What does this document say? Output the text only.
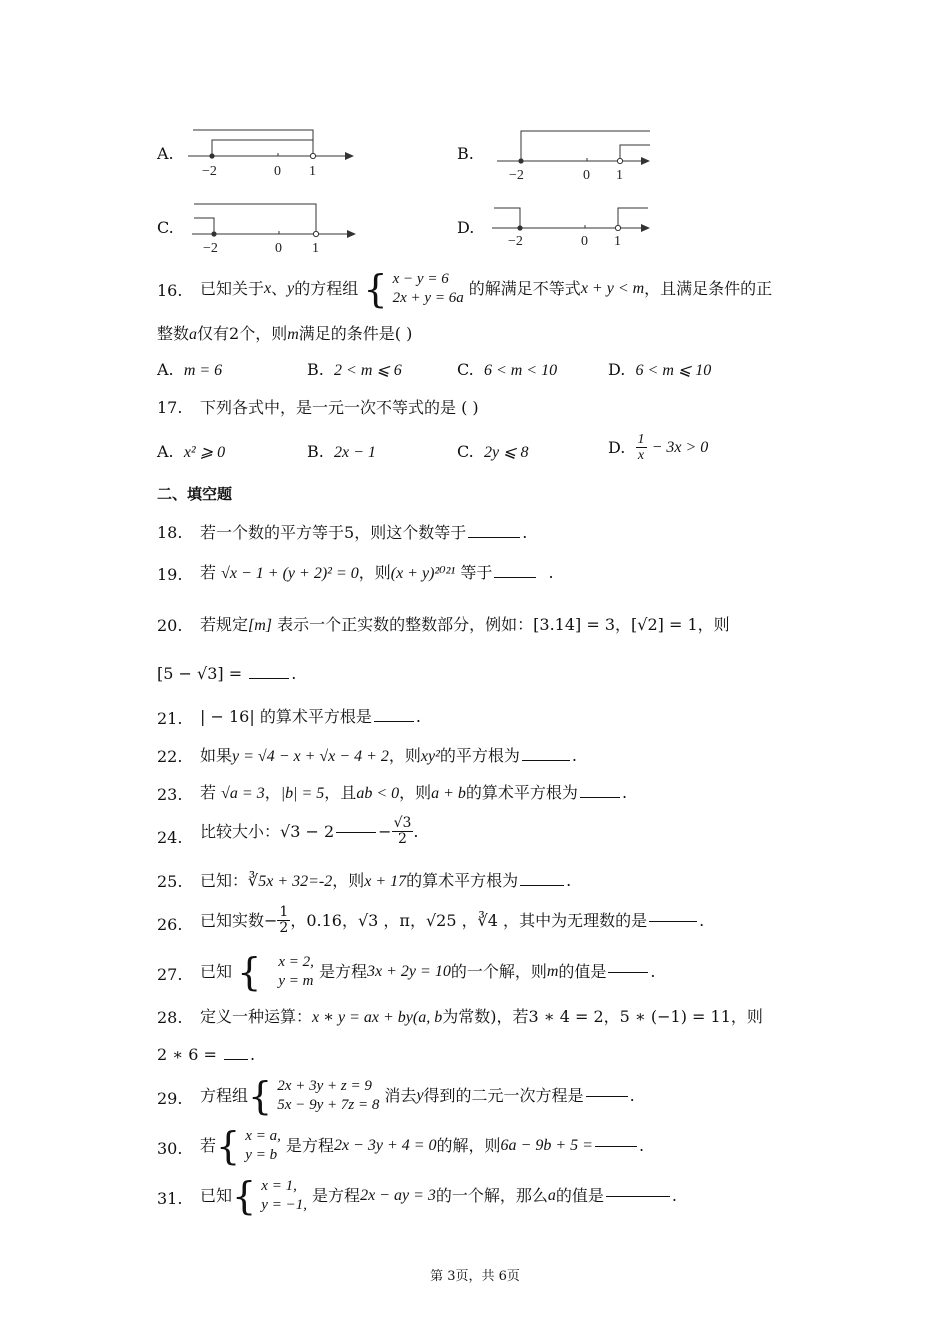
A.
−2	0 1
B.
−2	0 1
C.
−2	0 1
D.
−2	0 1
16. 已知关于x、y的方程组 { x − y = 6
2x + y = 6a 的解满足不等式x + y < m，且满足条件的正
整数a仅有2个，则m满足的条件是( )
A. m = 6	B. 2 < m ⩽ 6	C. 6 < m < 10	D. 6 < m ⩽ 10
17. 下列各式中，是一元一次不等式的是 ( )
A. x² ⩾ 0	B. 2x − 1	C. 2y ⩽ 8	D. $\frac{1}{x} - 3x > 0$
二、填空题
18. 若一个数的平方等于5，则这个数等于	.
19. 若 √x − 1 + (y + 2)² = 0，则(x + y)²⁰²¹ 等于	.
20. 若规定[m] 表示一个正实数的整数部分，例如：[3.14] = 3，[√2] = 1，则
[5 − √3] =	.
21. | − 16| 的算术平方根是	.
22. 如果y = √4 − x + √x − 4 + 2，则xy²的平方根为	.
23. 若 √a = 3，|b| = 5，且ab < 0，则a + b的算术平方根为	.
24. 比较大小：√3 − 2	− $\frac{√3}{2}$ .
25. 已知：∛5x + 32=-2，则x + 17的算术平方根为	.
26. 已知实数− $\frac{1}{2}$ ，0.16，√3 ，π，√25 ，∛4 ，其中为无理数的是	.
27. 已知 { x = 2,
y = m 是方程3x + 2y = 10的一个解，则m的值是	.
28. 定义一种运算：x ∗ y = ax + by(a, b为常数)，若3 ∗ 4 = 2，5 ∗ (−1) = 11，则
2 ∗ 6 = .
29. 方程组{ 2x + 3y + z = 9
5x − 9y + 7z = 8 消去y得到的二元一次方程是	.
30. 若{ x = a,
y = b 是方程2x − 3y + 4 = 0的解，则6a − 9b + 5 =	.
31. 已知{ x = 1,
y = −1, 是方程2x − ay = 3的一个解，那么a的值是	.
第 3页，共 6页
